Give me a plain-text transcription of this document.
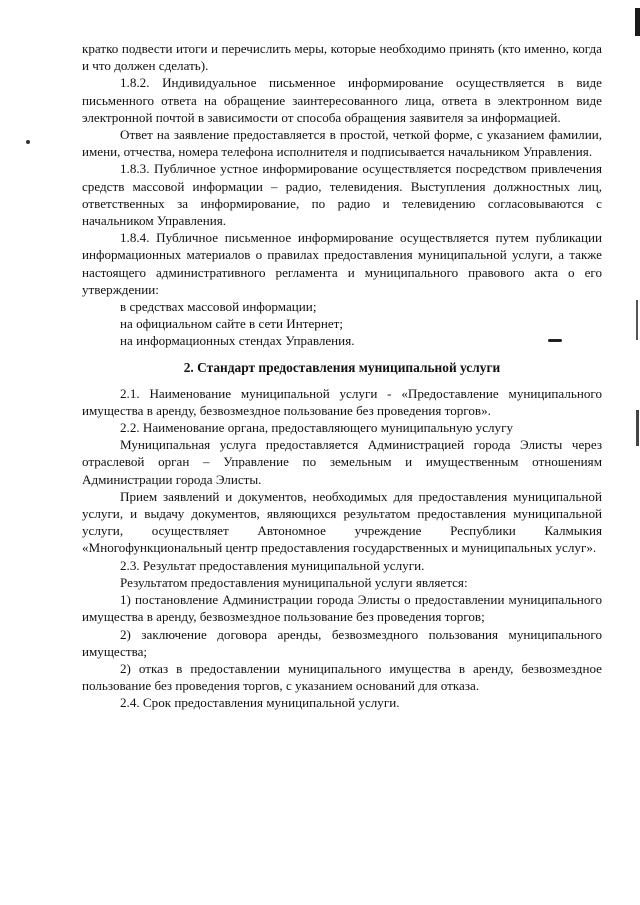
кратко подвести итоги и перечислить меры, которые необходимо принять (кто именно, когда и что должен сделать).

1.8.2. Индивидуальное письменное информирование осуществляется в виде письменного ответа на обращение заинтересованного лица, ответа в электронном виде электронной почтой в зависимости от способа обращения заявителя за информацией.

Ответ на заявление предоставляется в простой, четкой форме, с указанием фамилии, имени, отчества, номера телефона исполнителя и подписывается начальником Управления.

1.8.3. Публичное устное информирование осуществляется посредством привлечения средств массовой информации – радио, телевидения. Выступления должностных лиц, ответственных за информирование, по радио и телевидению согласовываются с начальником Управления.

1.8.4. Публичное письменное информирование осуществляется путем публикации информационных материалов о правилах предоставления муниципальной услуги, а также настоящего административного регламента и муниципального правового акта о его утверждении:

в средствах массовой информации;

на официальном сайте в сети Интернет;

на информационных стендах Управления.

2. Стандарт предоставления муниципальной услуги

2.1. Наименование муниципальной услуги - «Предоставление муниципального имущества в аренду, безвозмездное пользование без проведения торгов».

2.2. Наименование органа, предоставляющего муниципальную услугу

Муниципальная услуга предоставляется Администрацией города Элисты через отраслевой орган – Управление по земельным и имущественным отношениям Администрации города Элисты.

Прием заявлений и документов, необходимых для предоставления муниципальной услуги, и выдачу документов, являющихся результатом предоставления муниципальной услуги, осуществляет Автономное учреждение Республики Калмыкия «Многофункциональный центр предоставления государственных и муниципальных услуг».

2.3. Результат предоставления муниципальной услуги.

Результатом предоставления муниципальной услуги является:

1) постановление Администрации города Элисты о предоставлении муниципального имущества в аренду, безвозмездное пользование без проведения торгов;

2) заключение договора аренды, безвозмездного пользования муниципального имущества;

2) отказ в предоставлении муниципального имущества в аренду, безвозмездное пользование без проведения торгов, с указанием оснований для отказа.

2.4. Срок предоставления муниципальной услуги.
